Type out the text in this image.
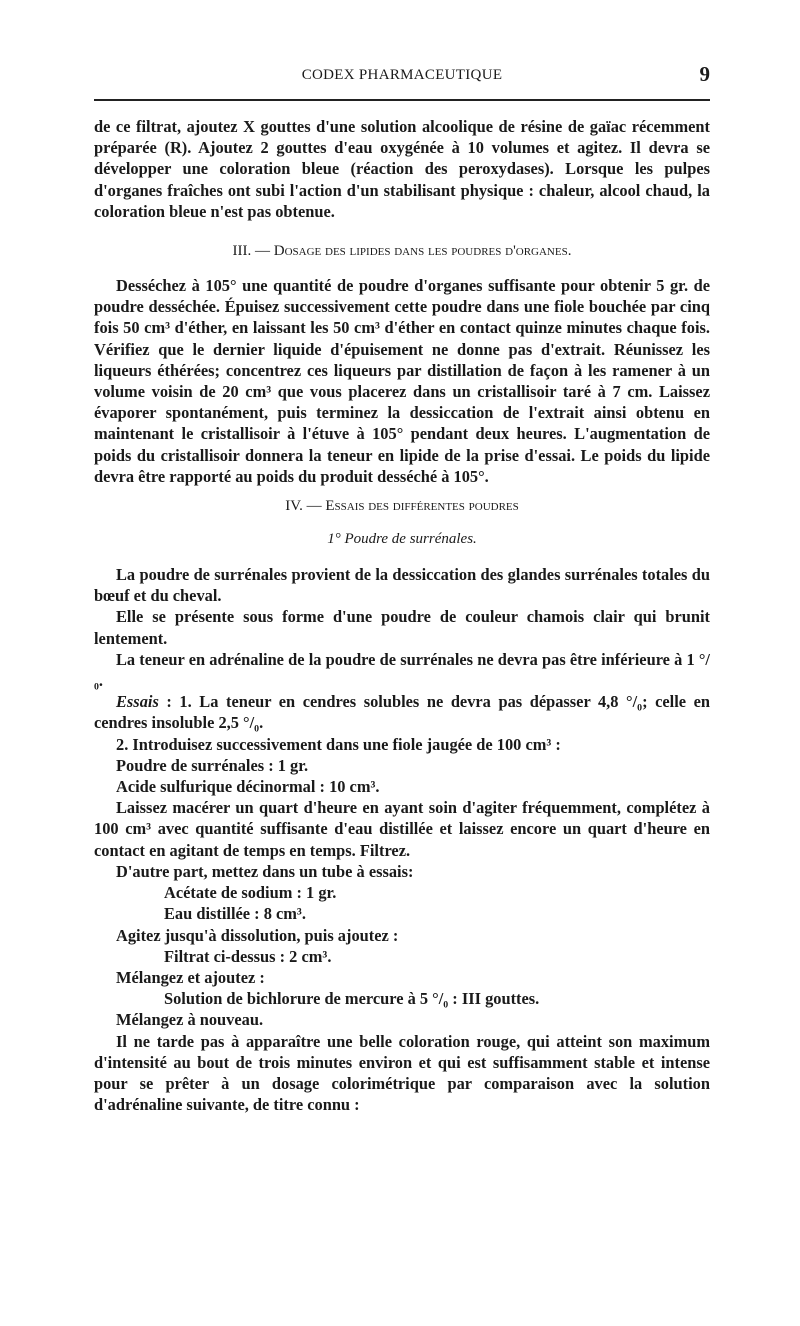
CODEX PHARMACEUTIQUE	9

de ce filtrat, ajoutez X gouttes d'une solution alcoolique de résine de gaïac récemment préparée (R). Ajoutez 2 gouttes d'eau oxygénée à 10 volumes et agitez. Il devra se développer une coloration bleue (réaction des peroxydases). Lorsque les pulpes d'organes fraîches ont subi l'action d'un stabilisant physique : chaleur, alcool chaud, la coloration bleue n'est pas obtenue.

III. — Dosage des lipides dans les poudres d'organes.

Desséchez à 105° une quantité de poudre d'organes suffisante pour obtenir 5 gr. de poudre desséchée. Épuisez successivement cette poudre dans une fiole bouchée par cinq fois 50 cm³ d'éther, en laissant les 50 cm³ d'éther en contact quinze minutes chaque fois. Vérifiez que le dernier liquide d'épuisement ne donne pas d'extrait. Réunissez les liqueurs éthérées; concentrez ces liqueurs par distillation de façon à les ramener à un volume voisin de 20 cm³ que vous placerez dans un cristallisoir taré à 7 cm. Laissez évaporer spontanément, puis terminez la dessiccation de l'extrait ainsi obtenu en maintenant le cristallisoir à l'étuve à 105° pendant deux heures. L'augmentation de poids du cristallisoir donnera la teneur en lipide de la prise d'essai. Le poids du lipide devra être rapporté au poids du produit desséché à 105°.

IV. — Essais des différentes poudres

1° Poudre de surrénales.

La poudre de surrénales provient de la dessiccation des glandes surrénales totales du bœuf et du cheval.

Elle se présente sous forme d'une poudre de couleur chamois clair qui brunit lentement.

La teneur en adrénaline de la poudre de surrénales ne devra pas être inférieure à 1 °/₀.

Essais : 1. La teneur en cendres solubles ne devra pas dépasser 4,8 °/₀; celle en cendres insoluble 2,5 °/₀.

2. Introduisez successivement dans une fiole jaugée de 100 cm³ :

Poudre de surrénales : 1 gr.

Acide sulfurique décinormal : 10 cm³.

Laissez macérer un quart d'heure en ayant soin d'agiter fréquemment, complétez à 100 cm³ avec quantité suffisante d'eau distillée et laissez encore un quart d'heure en contact en agitant de temps en temps. Filtrez.

D'autre part, mettez dans un tube à essais:

Acétate de sodium : 1 gr.

Eau distillée : 8 cm³.

Agitez jusqu'à dissolution, puis ajoutez :

Filtrat ci-dessus : 2 cm³.

Mélangez et ajoutez :

Solution de bichlorure de mercure à 5 °/₀ : III gouttes.

Mélangez à nouveau.

Il ne tarde pas à apparaître une belle coloration rouge, qui atteint son maximum d'intensité au bout de trois minutes environ et qui est suffisamment stable et intense pour se prêter à un dosage colorimétrique par comparaison avec la solution d'adrénaline suivante, de titre connu :
